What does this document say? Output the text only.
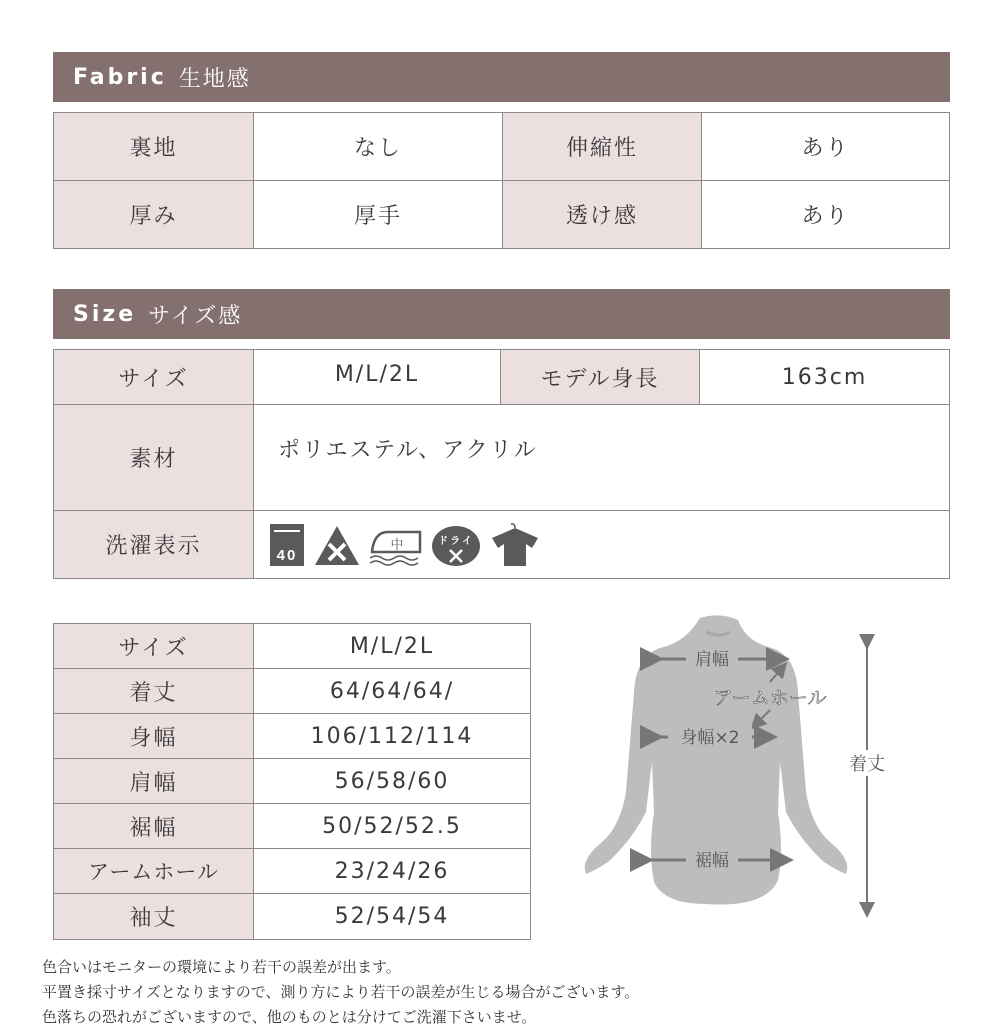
Fabric 生地感
裏地	なし	伸縮性	あり
厚み	厚手	透け感	あり
Size サイズ感
サイズ	M/L/2L	モデル身長	163cm
素材	ポリエステル、アクリル		
洗濯表示	40
中 ドライ		
サイズ	M/L/2L
着丈	64/64/64/
身幅	106/112/114
肩幅	56/58/60
裾幅	50/52/52.5
アームホール	23/24/26
袖丈	52/54/54
肩幅
アームホール
身幅×2
裾幅
着丈
色合いはモニターの環境により若干の誤差が出ます。
平置き採寸サイズとなりますので、測り方により若干の誤差が生じる場合がございます。
色落ちの恐れがございますので、他のものとは分けてご洗濯下さいませ。
